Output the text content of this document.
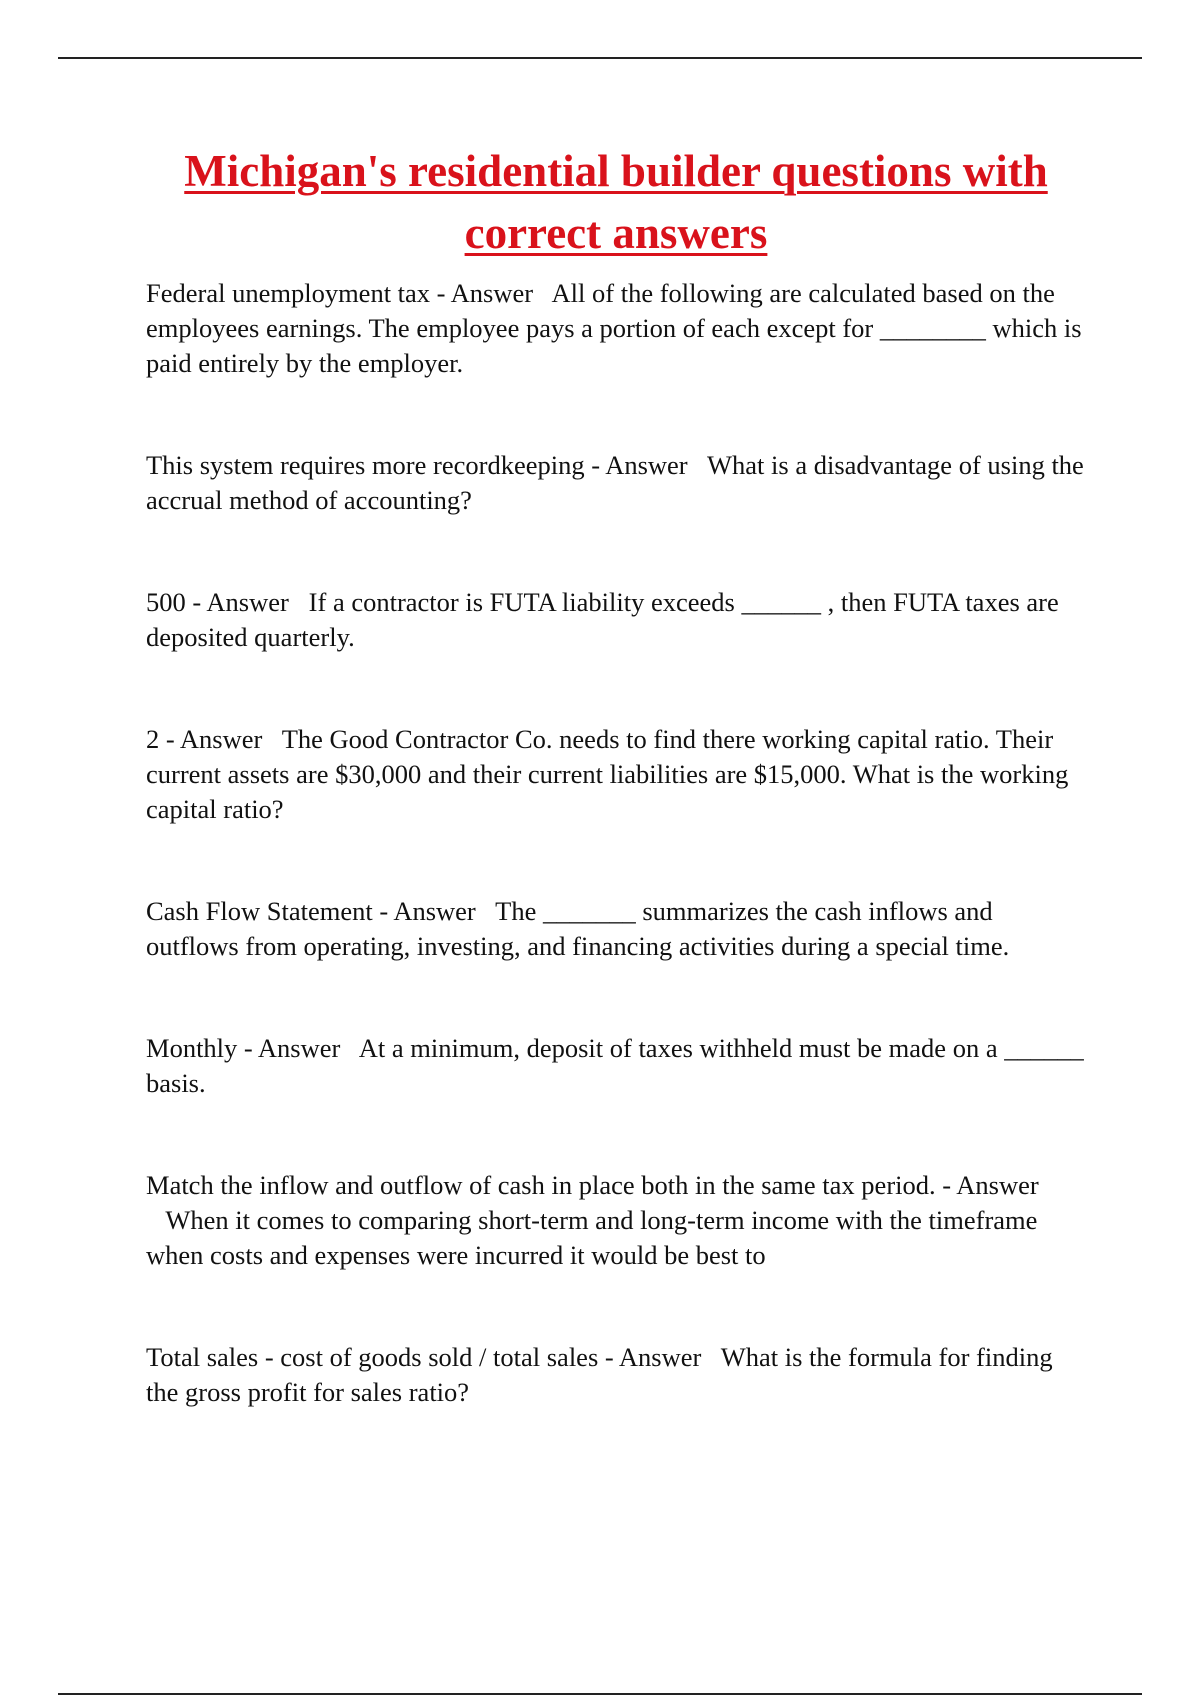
Michigan's residential builder questions with correct answers

Federal unemployment tax - Answer All of the following are calculated based on the employees earnings. The employee pays a portion of each except for ________ which is paid entirely by the employer.

This system requires more recordkeeping - Answer What is a disadvantage of using the accrual method of accounting?

500 - Answer If a contractor is FUTA liability exceeds ______ , then FUTA taxes are deposited quarterly.

2 - Answer The Good Contractor Co. needs to find there working capital ratio. Their current assets are $30,000 and their current liabilities are $15,000. What is the working capital ratio?

Cash Flow Statement - Answer The _______ summarizes the cash inflows and outflows from operating, investing, and financing activities during a special time.

Monthly - Answer At a minimum, deposit of taxes withheld must be made on a ______ basis.

Match the inflow and outflow of cash in place both in the same tax period. - Answer   When it comes to comparing short-term and long-term income with the timeframe when costs and expenses were incurred it would be best to

Total sales - cost of goods sold / total sales - Answer What is the formula for finding the gross profit for sales ratio?
